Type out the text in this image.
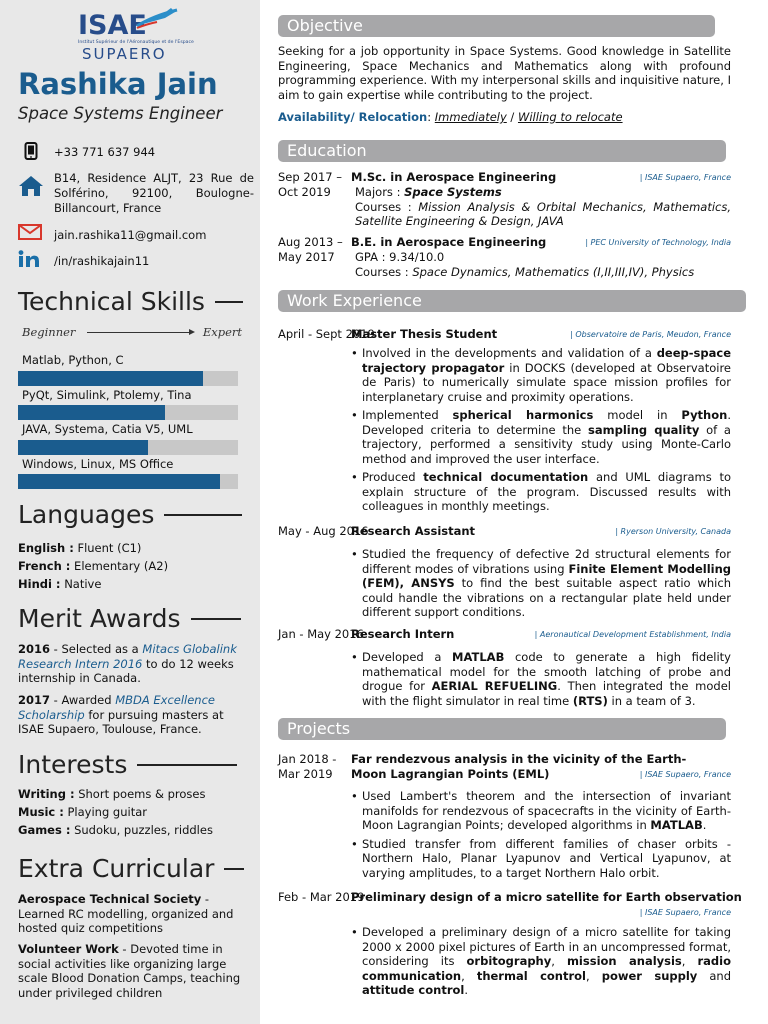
ISAE
Institut Supérieur de l'Aéronautique et de l'Espace
SUPAERO
Rashika Jain
Space Systems Engineer
+33 771 637 944
B14, Residence ALJT, 23 Rue de Solférino, 92100, Boulogne-Billancourt, France
jain.rashika11@gmail.com
/in/rashikajain11
Technical Skills
Beginner	Expert
Matlab, Python, C
PyQt, Simulink, Ptolemy, Tina
JAVA, Systema, Catia V5, UML
Windows, Linux, MS Office
Languages
English : Fluent (C1)
French : Elementary (A2)
Hindi : Native
Merit Awards
2016 - Selected as a Mitacs Globalink Research Intern 2016 to do 12 weeks internship in Canada.
2017 - Awarded MBDA Excellence Scholarship for pursuing masters at ISAE Supaero, Toulouse, France.
Interests
Writing : Short poems & proses
Music : Playing guitar
Games : Sudoku, puzzles, riddles
Extra Curricular
Aerospace Technical Society - Learned RC modelling, organized and hosted quiz competitions
Volunteer Work - Devoted time in social activities like organizing large scale Blood Donation Camps, teaching under privileged children
Objective
Seeking for a job opportunity in Space Systems. Good knowledge in Satellite Engineering, Space Mechanics and Mathematics along with profound programming experience. With my interpersonal skills and inquisitive nature, I aim to gain expertise while contributing to the project.
Availability/ Relocation: Immediately / Willing to relocate
Education
Sep 2017 – Oct 2019
M.Sc. in Aerospace Engineering	| ISAE Supaero, France
Majors : Space Systems
Courses : Mission Analysis & Orbital Mechanics, Mathematics, Satellite Engineering & Design, JAVA
Aug 2013 – May 2017
B.E. in Aerospace Engineering	| PEC University of Technology, India
GPA : 9.34/10.0
Courses : Space Dynamics, Mathematics (I,II,III,IV), Physics
Work Experience
April - Sept 2019
Master Thesis Student	| Observatoire de Paris, Meudon, France
• Involved in the developments and validation of a deep-space trajectory propagator in DOCKS (developed at Observatoire de Paris) to numerically simulate space mission profiles for interplanetary cruise and proximity operations.
• Implemented spherical harmonics model in Python. Developed criteria to determine the sampling quality of a trajectory, performed a sensitivity study using Monte-Carlo method and improved the user interface.
• Produced technical documentation and UML diagrams to explain structure of the program. Discussed results with colleagues in monthly meetings.
May - Aug 2016
Research Assistant	| Ryerson University, Canada
• Studied the frequency of defective 2d structural elements for different modes of vibrations using Finite Element Modelling (FEM), ANSYS to find the best suitable aspect ratio which could handle the vibrations on a rectangular plate held under different support conditions.
Jan - May 2016
Research Intern	| Aeronautical Development Establishment, India
• Developed a MATLAB code to generate a high fidelity mathematical model for the smooth latching of probe and drogue for AERIAL REFUELING. Then integrated the model with the flight simulator in real time (RTS) in a team of 3.
Projects
Jan 2018 - Mar 2019
Far rendezvous analysis in the vicinity of the Earth-Moon Lagrangian Points (EML)	| ISAE Supaero, France
• Used Lambert's theorem and the intersection of invariant manifolds for rendezvous of spacecrafts in the vicinity of Earth-Moon Lagrangian Points; developed algorithms in MATLAB.
• Studied transfer from different families of chaser orbits - Northern Halo, Planar Lyapunov and Vertical Lyapunov, at varying amplitudes, to a target Northern Halo orbit.
Feb - Mar 2019
Preliminary design of a micro satellite for Earth observation
| ISAE Supaero, France
• Developed a preliminary design of a micro satellite for taking 2000 x 2000 pixel pictures of Earth in an uncompressed format, considering its orbitography, mission analysis, radio communication, thermal control, power supply and attitude control.
